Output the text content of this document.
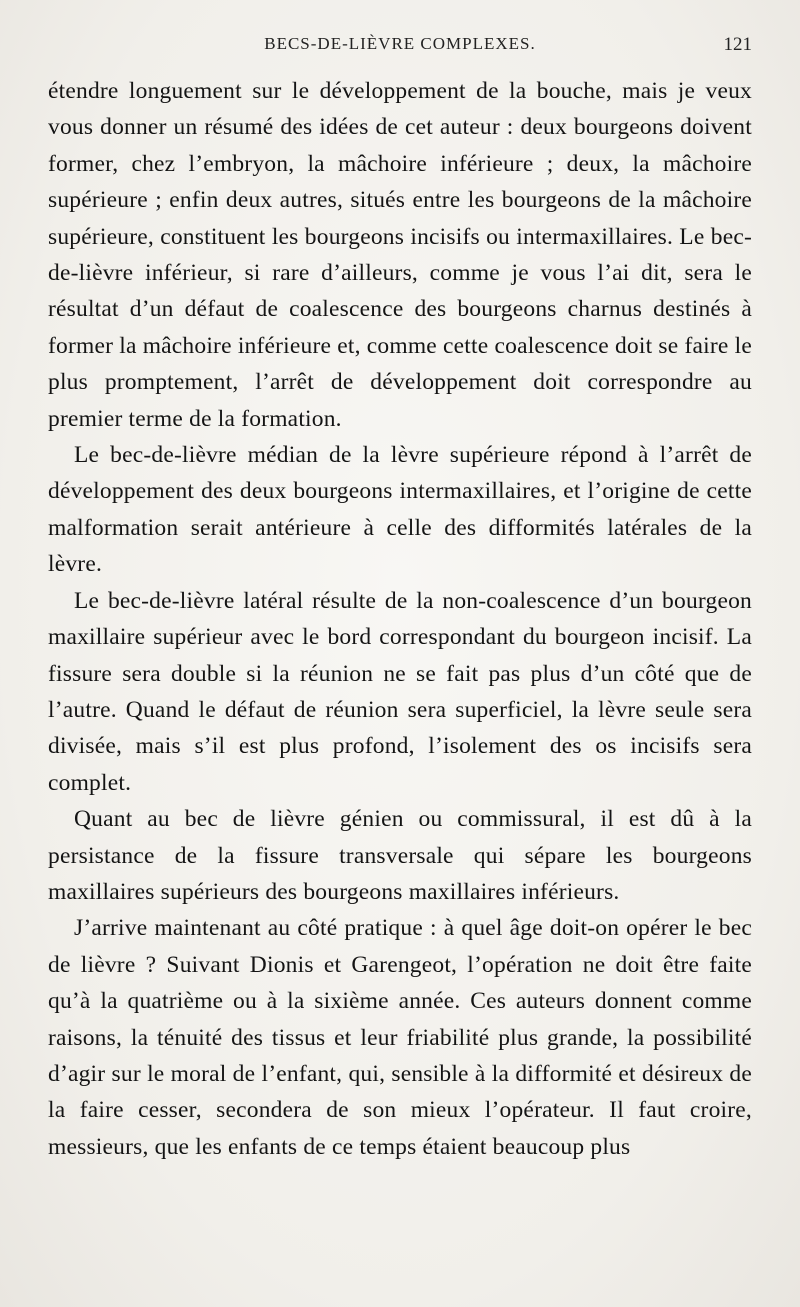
BECS-DE-LIÈVRE COMPLEXES.	121

étendre longuement sur le développement de la bouche, mais je veux vous donner un résumé des idées de cet auteur : deux bourgeons doivent former, chez l’embryon, la mâchoire inférieure ; deux, la mâchoire supérieure ; enfin deux autres, situés entre les bourgeons de la mâchoire supérieure, constituent les bourgeons incisifs ou intermaxillaires. Le bec-de-lièvre inférieur, si rare d’ailleurs, comme je vous l’ai dit, sera le résultat d’un défaut de coalescence des bourgeons charnus destinés à former la mâchoire inférieure et, comme cette coalescence doit se faire le plus promptement, l’arrêt de développement doit correspondre au premier terme de la formation.

Le bec-de-lièvre médian de la lèvre supérieure répond à l’arrêt de développement des deux bourgeons intermaxillaires, et l’origine de cette malformation serait antérieure à celle des difformités latérales de la lèvre.

Le bec-de-lièvre latéral résulte de la non-coalescence d’un bourgeon maxillaire supérieur avec le bord correspondant du bourgeon incisif. La fissure sera double si la réunion ne se fait pas plus d’un côté que de l’autre. Quand le défaut de réunion sera superficiel, la lèvre seule sera divisée, mais s’il est plus profond, l’isolement des os incisifs sera complet.

Quant au bec de lièvre génien ou commissural, il est dû à la persistance de la fissure transversale qui sépare les bourgeons maxillaires supérieurs des bourgeons maxillaires inférieurs.

J’arrive maintenant au côté pratique : à quel âge doit-on opérer le bec de lièvre ? Suivant Dionis et Garengeot, l’opération ne doit être faite qu’à la quatrième ou à la sixième année. Ces auteurs donnent comme raisons, la ténuité des tissus et leur friabilité plus grande, la possibilité d’agir sur le moral de l’enfant, qui, sensible à la difformité et désireux de la faire cesser, secondera de son mieux l’opérateur. Il faut croire, messieurs, que les enfants de ce temps étaient beaucoup plus
